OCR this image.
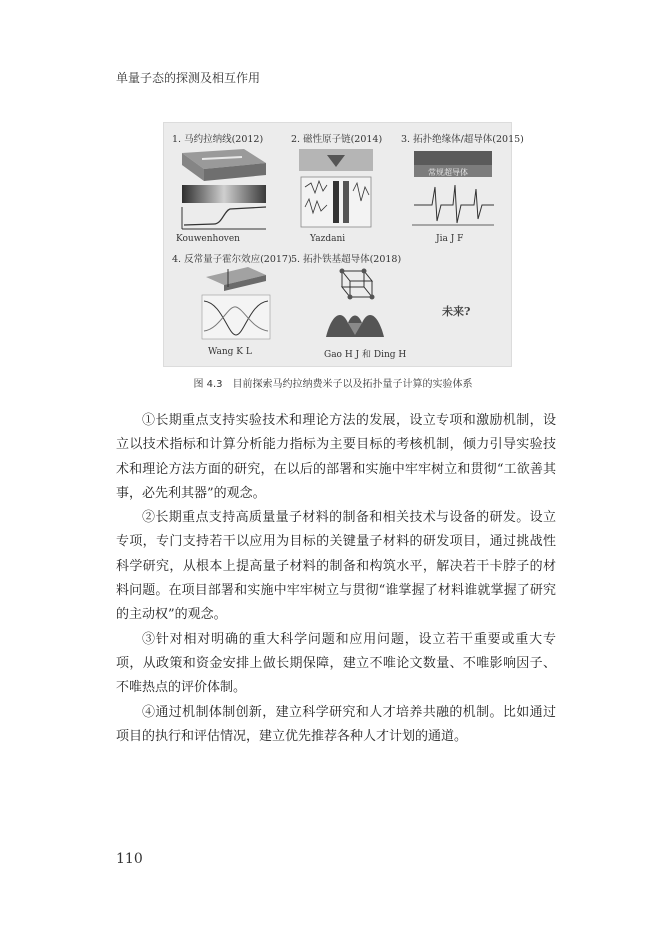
单量子态的探测及相互作用
1. 马约拉纳线(2012)
Kouwenhoven
2. 磁性原子链(2014)
Yazdani
3. 拓扑绝缘体/超导体(2015)
常规超导体
Jia J F
4. 反常量子霍尔效应(2017)
Wang K L
5. 拓扑铁基超导体(2018)
Gao H J 和 Ding H
未来?
图 4.3　目前探索马约拉纳费米子以及拓扑量子计算的实验体系

①长期重点支持实验技术和理论方法的发展，设立专项和激励机制，设立以技术指标和计算分析能力指标为主要目标的考核机制，倾力引导实验技术和理论方法方面的研究，在以后的部署和实施中牢牢树立和贯彻“工欲善其事，必先利其器”的观念。

②长期重点支持高质量量子材料的制备和相关技术与设备的研发。设立专项，专门支持若干以应用为目标的关键量子材料的研发项目，通过挑战性科学研究，从根本上提高量子材料的制备和构筑水平，解决若干卡脖子的材料问题。在项目部署和实施中牢牢树立与贯彻“谁掌握了材料谁就掌握了研究的主动权”的观念。

③针对相对明确的重大科学问题和应用问题，设立若干重要或重大专项，从政策和资金安排上做长期保障，建立不唯论文数量、不唯影响因子、不唯热点的评价体制。

④通过机制体制创新，建立科学研究和人才培养共融的机制。比如通过项目的执行和评估情况，建立优先推荐各种人才计划的通道。

110
